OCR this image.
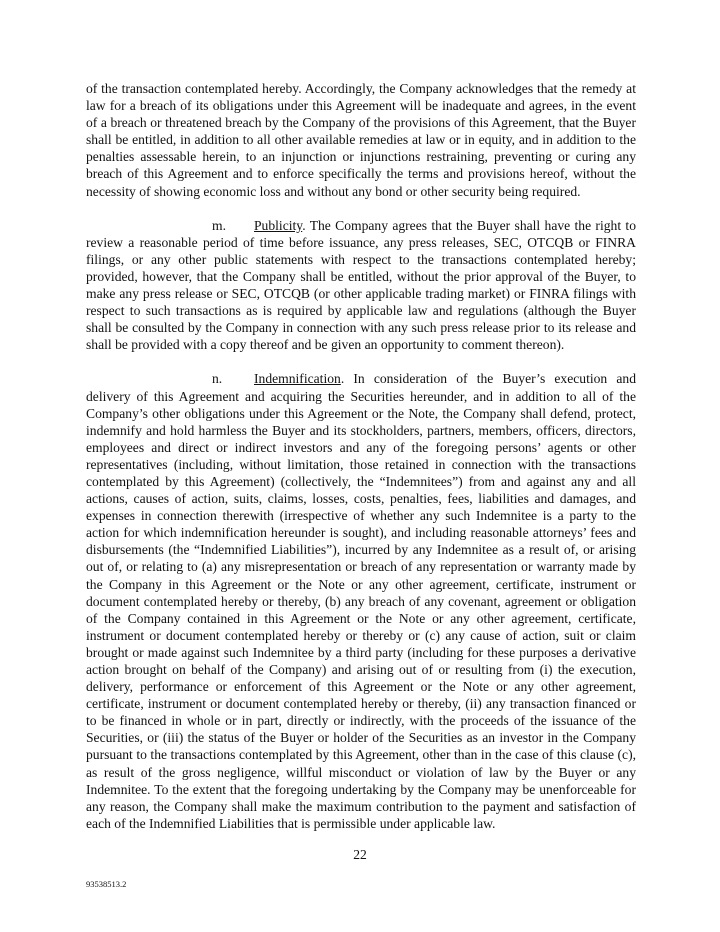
of the transaction contemplated hereby. Accordingly, the Company acknowledges that the remedy at law for a breach of its obligations under this Agreement will be inadequate and agrees, in the event of a breach or threatened breach by the Company of the provisions of this Agreement, that the Buyer shall be entitled, in addition to all other available remedies at law or in equity, and in addition to the penalties assessable herein, to an injunction or injunctions restraining, preventing or curing any breach of this Agreement and to enforce specifically the terms and provisions hereof, without the necessity of showing economic loss and without any bond or other security being required.

m. Publicity. The Company agrees that the Buyer shall have the right to review a reasonable period of time before issuance, any press releases, SEC, OTCQB or FINRA filings, or any other public statements with respect to the transactions contemplated hereby; provided, however, that the Company shall be entitled, without the prior approval of the Buyer, to make any press release or SEC, OTCQB (or other applicable trading market) or FINRA filings with respect to such transactions as is required by applicable law and regulations (although the Buyer shall be consulted by the Company in connection with any such press release prior to its release and shall be provided with a copy thereof and be given an opportunity to comment thereon).

n. Indemnification. In consideration of the Buyer’s execution and delivery of this Agreement and acquiring the Securities hereunder, and in addition to all of the Company’s other obligations under this Agreement or the Note, the Company shall defend, protect, indemnify and hold harmless the Buyer and its stockholders, partners, members, officers, directors, employees and direct or indirect investors and any of the foregoing persons’ agents or other representatives (including, without limitation, those retained in connection with the transactions contemplated by this Agreement) (collectively, the “Indemnitees”) from and against any and all actions, causes of action, suits, claims, losses, costs, penalties, fees, liabilities and damages, and expenses in connection therewith (irrespective of whether any such Indemnitee is a party to the action for which indemnification hereunder is sought), and including reasonable attorneys’ fees and disbursements (the “Indemnified Liabilities”), incurred by any Indemnitee as a result of, or arising out of, or relating to (a) any misrepresentation or breach of any representation or warranty made by the Company in this Agreement or the Note or any other agreement, certificate, instrument or document contemplated hereby or thereby, (b) any breach of any covenant, agreement or obligation of the Company contained in this Agreement or the Note or any other agreement, certificate, instrument or document contemplated hereby or thereby or (c) any cause of action, suit or claim brought or made against such Indemnitee by a third party (including for these purposes a derivative action brought on behalf of the Company) and arising out of or resulting from (i) the execution, delivery, performance or enforcement of this Agreement or the Note or any other agreement, certificate, instrument or document contemplated hereby or thereby, (ii) any transaction financed or to be financed in whole or in part, directly or indirectly, with the proceeds of the issuance of the Securities, or (iii) the status of the Buyer or holder of the Securities as an investor in the Company pursuant to the transactions contemplated by this Agreement, other than in the case of this clause (c), as result of the gross negligence, willful misconduct or violation of law by the Buyer or any Indemnitee. To the extent that the foregoing undertaking by the Company may be unenforceable for any reason, the Company shall make the maximum contribution to the payment and satisfaction of each of the Indemnified Liabilities that is permissible under applicable law.

22
93538513.2
